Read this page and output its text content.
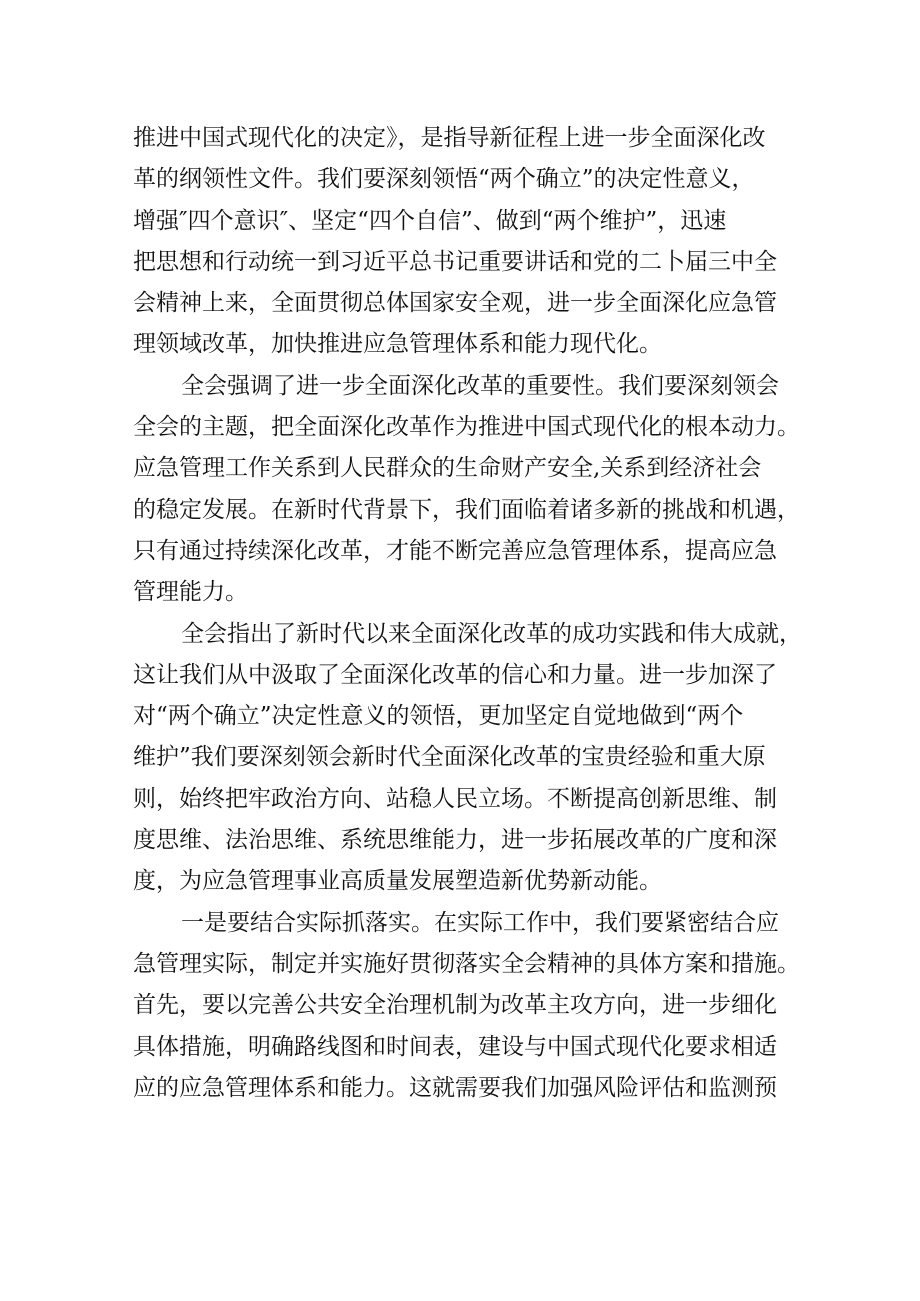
推进中国式现代化的决定》，是指导新征程上进一步全面深化改
革的纲领性文件。我们要深刻领悟“两个确立”的决定性意义，
增强″四个意识″、坚定“四个自信”、做到“两个维护”，迅速
把思想和行动统一到习近平总书记重要讲话和党的二卜届三中全
会精神上来，全面贯彻总体国家安全观，进一步全面深化应急管
理领域改革，加快推进应急管理体系和能力现代化。
全会强调了进一步全面深化改革的重要性。我们要深刻领会
全会的主题，把全面深化改革作为推进中国式现代化的根本动力。
应急管理工作关系到人民群众的生命财产安全,关系到经济社会
的稳定发展。在新时代背景下，我们面临着诸多新的挑战和机遇，
只有通过持续深化改革，才能不断完善应急管理体系，提高应急
管理能力。
全会指出了新时代以来全面深化改革的成功实践和伟大成就，
这让我们从中汲取了全面深化改革的信心和力量。进一步加深了
对“两个确立”决定性意义的领悟，更加坚定自觉地做到“两个
维护”我们要深刻领会新时代全面深化改革的宝贵经验和重大原
则，始终把牢政治方向、站稳人民立场。不断提高创新思维、制
度思维、法治思维、系统思维能力，进一步拓展改革的广度和深
度，为应急管理事业高质量发展塑造新优势新动能。
一是要结合实际抓落实。在实际工作中，我们要紧密结合应
急管理实际，制定并实施好贯彻落实全会精神的具体方案和措施。
首先，要以完善公共安全治理机制为改革主攻方向，进一步细化
具体措施，明确路线图和时间表，建设与中国式现代化要求相适
应的应急管理体系和能力。这就需要我们加强风险评估和监测预
